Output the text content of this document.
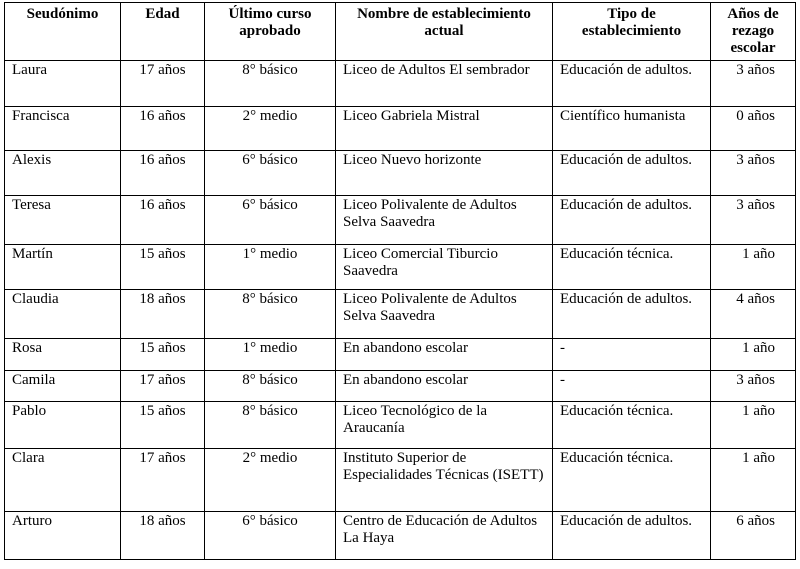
Seudónimo	Edad	Último curso aprobado	Nombre de establecimiento actual	Tipo de establecimiento	Años de rezago escolar
Laura	17 años	8° básico	Liceo de Adultos El sembrador	Educación de adultos.	3 años
Francisca	16 años	2° medio	Liceo Gabriela Mistral	Científico humanista	0 años
Alexis	16 años	6° básico	Liceo Nuevo horizonte	Educación de adultos.	3 años
Teresa	16 años	6° básico	Liceo Polivalente de Adultos Selva Saavedra	Educación de adultos.	3 años
Martín	15 años	1° medio	Liceo Comercial Tiburcio Saavedra	Educación técnica.	1 año
Claudia	18 años	8° básico	Liceo Polivalente de Adultos Selva Saavedra	Educación de adultos.	4 años
Rosa	15 años	1° medio	En abandono escolar	-	1 año
Camila	17 años	8° básico	En abandono escolar	-	3 años
Pablo	15 años	8° básico	Liceo Tecnológico de la Araucanía	Educación técnica.	1 año
Clara	17 años	2° medio	Instituto Superior de Especialidades Técnicas (ISETT)	Educación técnica.	1 año
Arturo	18 años	6° básico	Centro de Educación de Adultos La Haya	Educación de adultos.	6 años
